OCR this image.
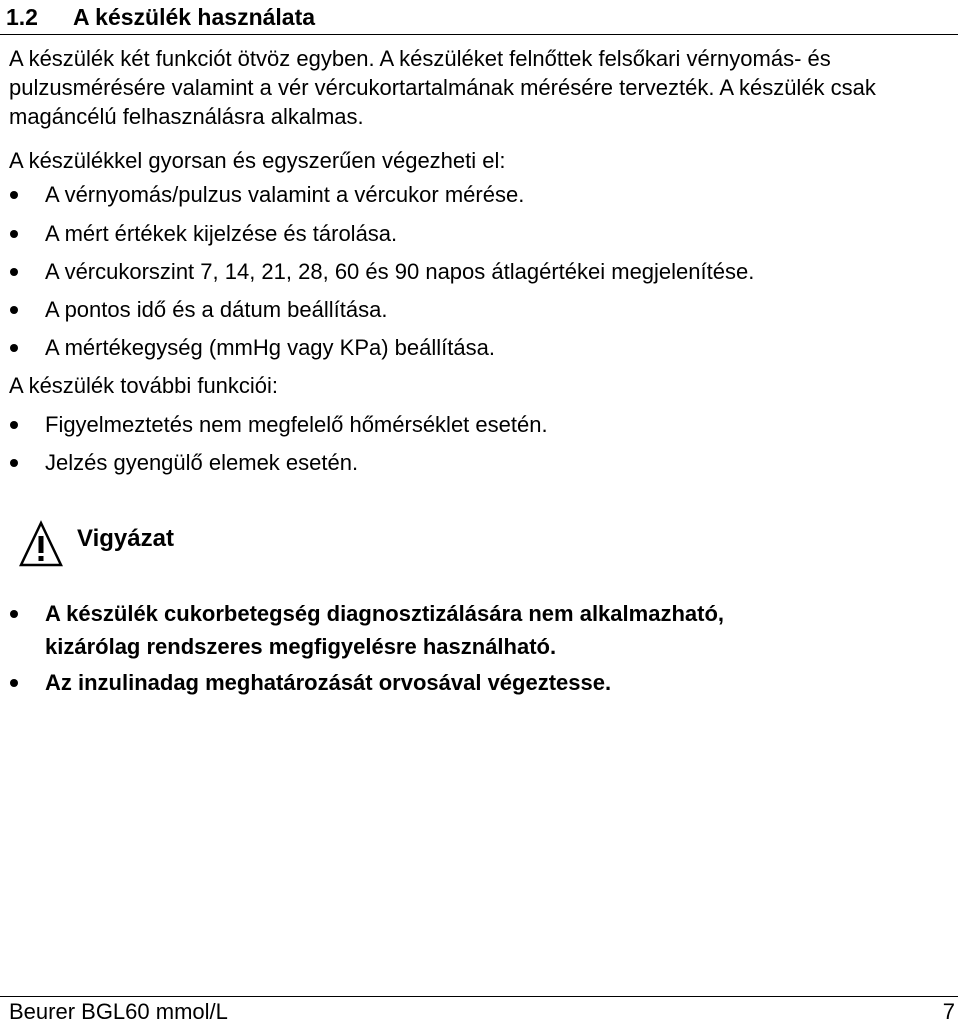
1.2 A készülék használata

A készülék két funkciót ötvöz egyben. A készüléket felnőttek felsőkari vérnyomás- és pulzusmérésére valamint a vér vércukortartalmának mérésére tervezték. A készülék csak magáncélú felhasználásra alkalmas.

A készülékkel gyorsan és egyszerűen végezheti el:
A vérnyomás/pulzus valamint a vércukor mérése.
A mért értékek kijelzése és tárolása.
A vércukorszint 7, 14, 21, 28, 60 és 90 napos átlagértékei megjelenítése.
A pontos idő és a dátum beállítása.
A mértékegység (mmHg vagy KPa) beállítása.
A készülék további funkciói:
Figyelmeztetés nem megfelelő hőmérséklet esetén.
Jelzés gyengülő elemek esetén.
Vigyázat
A készülék cukorbetegség diagnosztizálására nem alkalmazható,
kizárólag rendszeres megfigyelésre használható.
Az inzulinadag meghatározását orvosával végeztesse.
Beurer BGL60 mmol/L	7
